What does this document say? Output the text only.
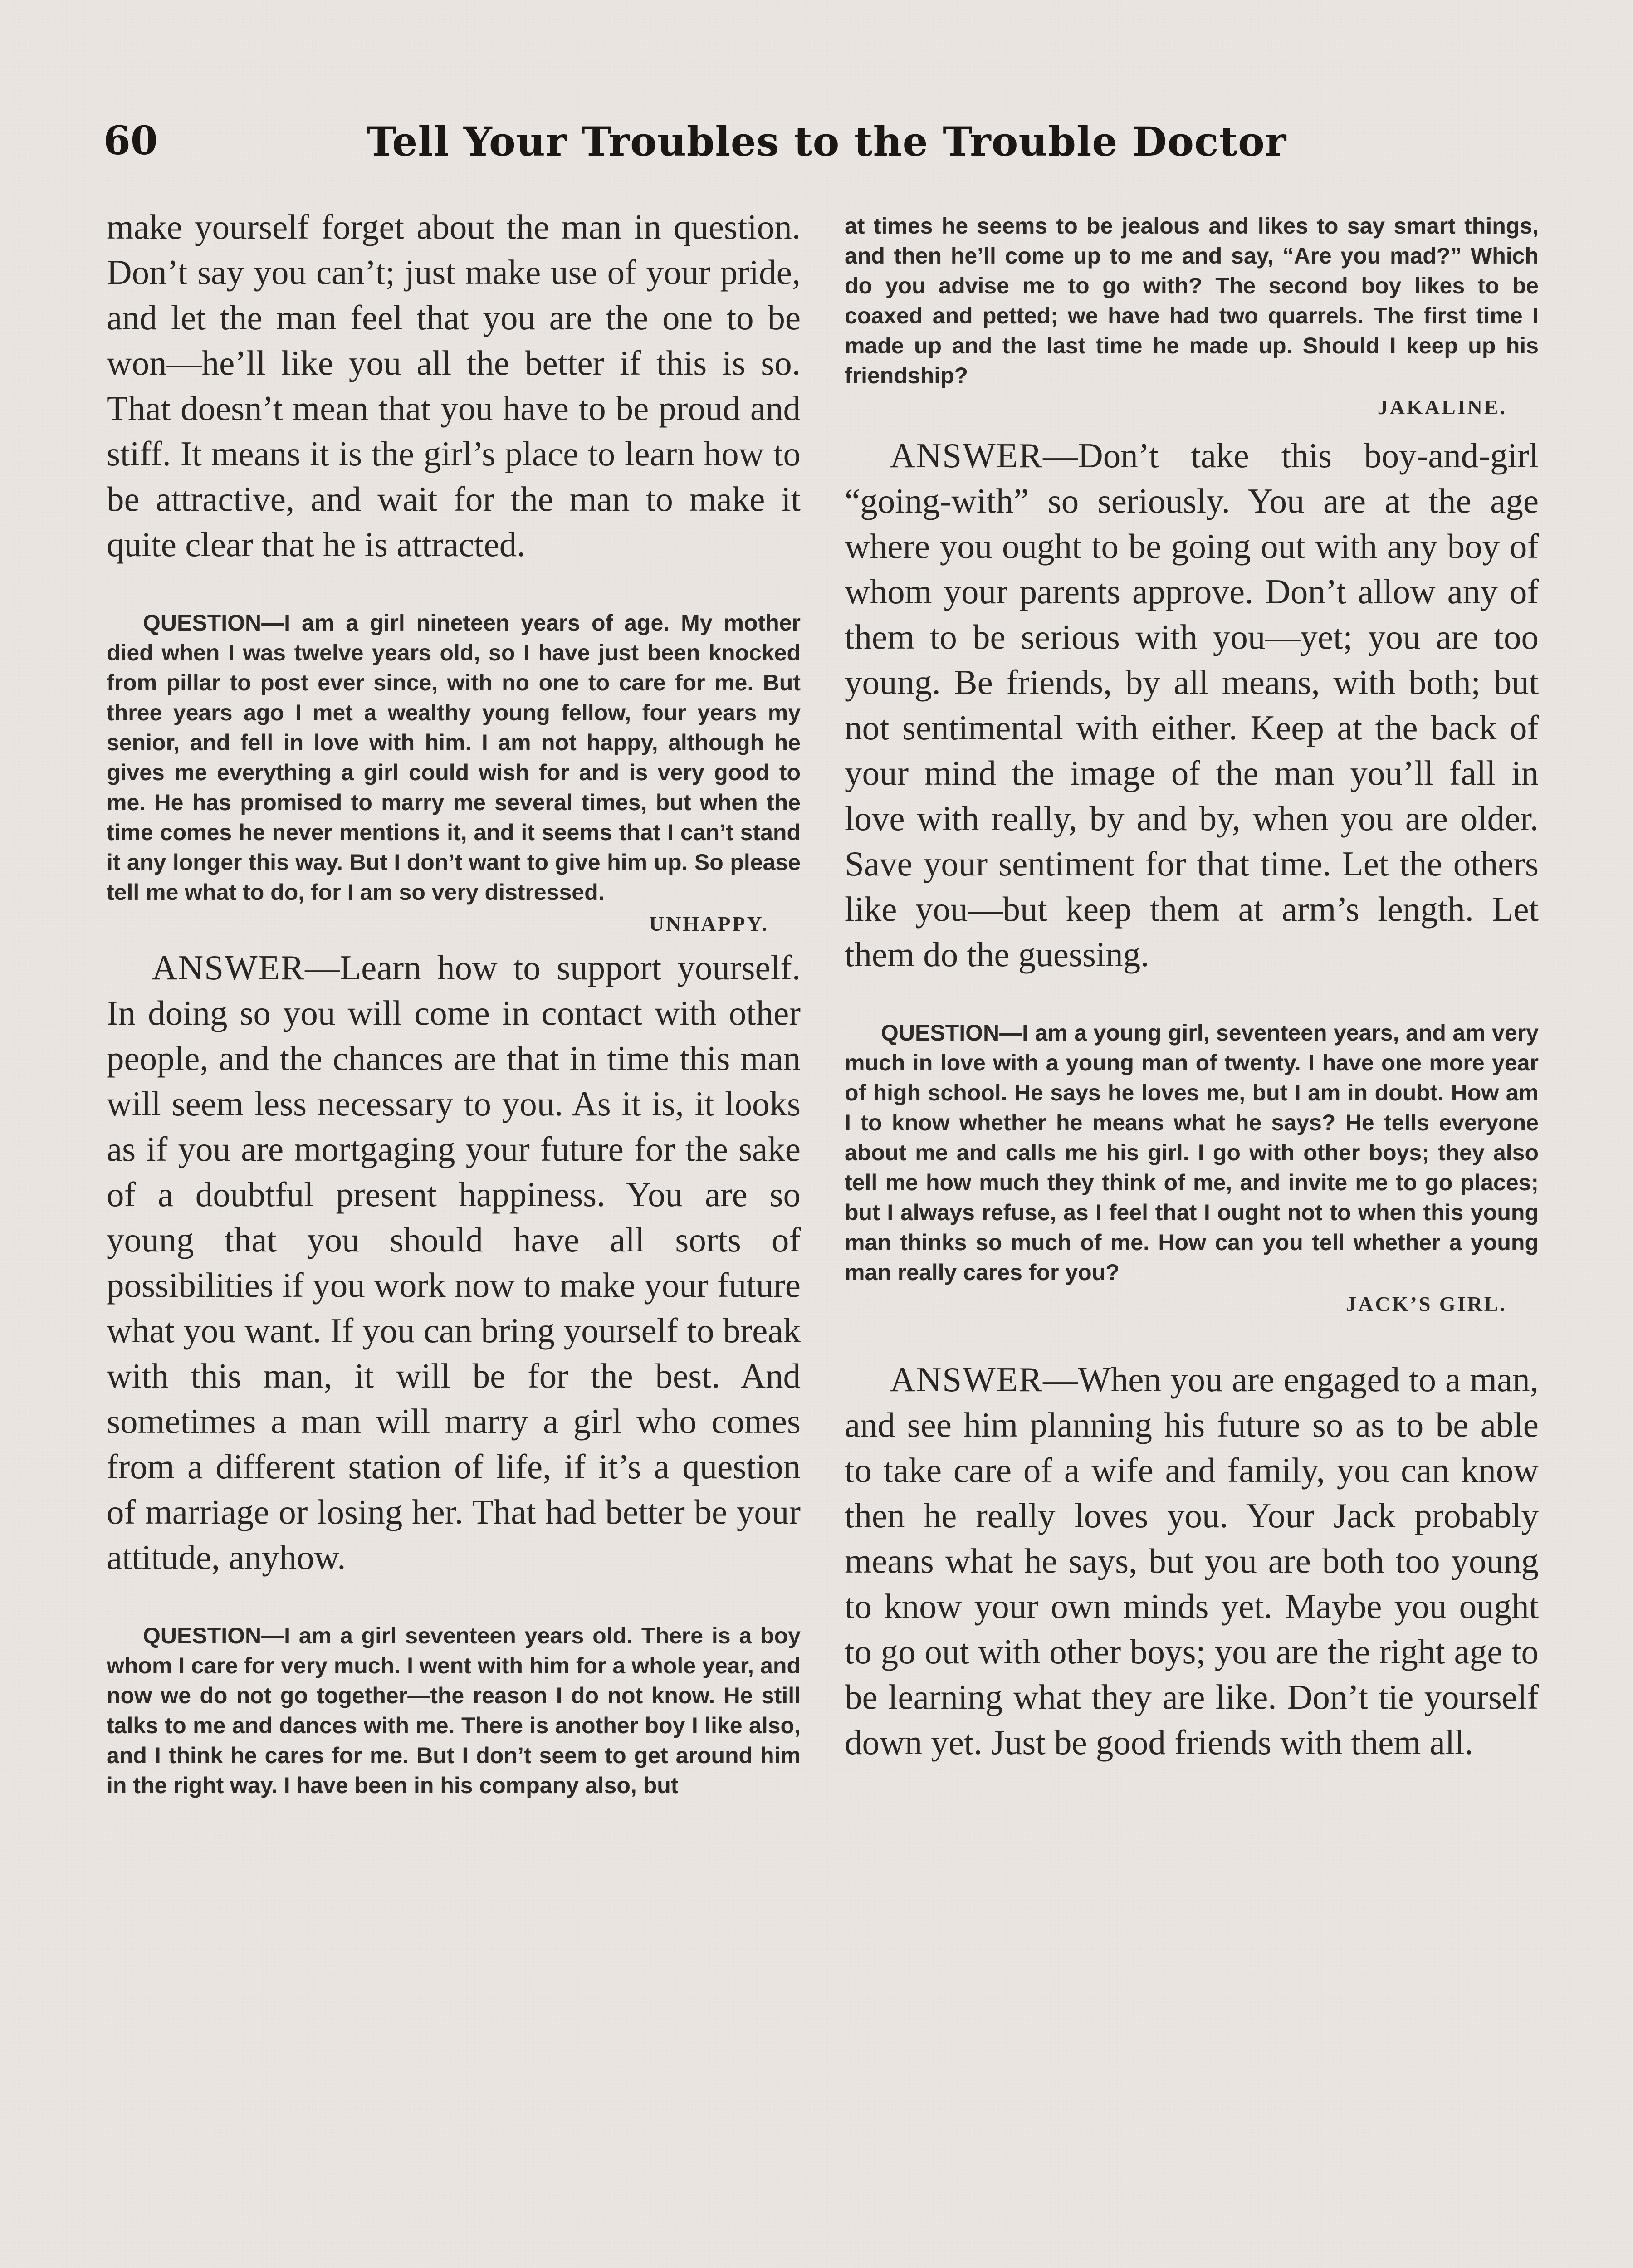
60	Tell Your Troubles to the Trouble Doctor

make yourself forget about the man in question. Don’t say you can’t; just make use of your pride, and let the man feel that you are the one to be won—he’ll like you all the better if this is so. That doesn’t mean that you have to be proud and stiff. It means it is the girl’s place to learn how to be attractive, and wait for the man to make it quite clear that he is attracted.

QUESTION—I am a girl nineteen years of age. My mother died when I was twelve years old, so I have just been knocked from pillar to post ever since, with no one to care for me. But three years ago I met a wealthy young fellow, four years my senior, and fell in love with him. I am not happy, although he gives me everything a girl could wish for and is very good to me. He has promised to marry me several times, but when the time comes he never mentions it, and it seems that I can’t stand it any longer this way. But I don’t want to give him up. So please tell me what to do, for I am so very distressed.

UNHAPPY.

ANSWER—Learn how to support yourself. In doing so you will come in contact with other people, and the chances are that in time this man will seem less necessary to you. As it is, it looks as if you are mortgaging your future for the sake of a doubtful present happiness. You are so young that you should have all sorts of possibilities if you work now to make your future what you want. If you can bring yourself to break with this man, it will be for the best. And sometimes a man will marry a girl who comes from a different station of life, if it’s a question of marriage or losing her. That had better be your attitude, anyhow.

QUESTION—I am a girl seventeen years old. There is a boy whom I care for very much. I went with him for a whole year, and now we do not go together—the reason I do not know. He still talks to me and dances with me. There is another boy I like also, and I think he cares for me. But I don’t seem to get around him in the right way. I have been in his company also, but

at times he seems to be jealous and likes to say smart things, and then he’ll come up to me and say, “Are you mad?” Which do you advise me to go with? The second boy likes to be coaxed and petted; we have had two quarrels. The first time I made up and the last time he made up. Should I keep up his friendship?

JAKALINE.

ANSWER—Don’t take this boy-and-girl “going-with” so seriously. You are at the age where you ought to be going out with any boy of whom your parents approve. Don’t allow any of them to be serious with you—yet; you are too young. Be friends, by all means, with both; but not sentimental with either. Keep at the back of your mind the image of the man you’ll fall in love with really, by and by, when you are older. Save your sentiment for that time. Let the others like you—but keep them at arm’s length. Let them do the guessing.

QUESTION—I am a young girl, seventeen years, and am very much in love with a young man of twenty. I have one more year of high school. He says he loves me, but I am in doubt. How am I to know whether he means what he says? He tells everyone about me and calls me his girl. I go with other boys; they also tell me how much they think of me, and invite me to go places; but I always refuse, as I feel that I ought not to when this young man thinks so much of me. How can you tell whether a young man really cares for you?

JACK’S GIRL.

ANSWER—When you are engaged to a man, and see him planning his future so as to be able to take care of a wife and family, you can know then he really loves you. Your Jack probably means what he says, but you are both too young to know your own minds yet. Maybe you ought to go out with other boys; you are the right age to be learning what they are like. Don’t tie yourself down yet. Just be good friends with them all.
